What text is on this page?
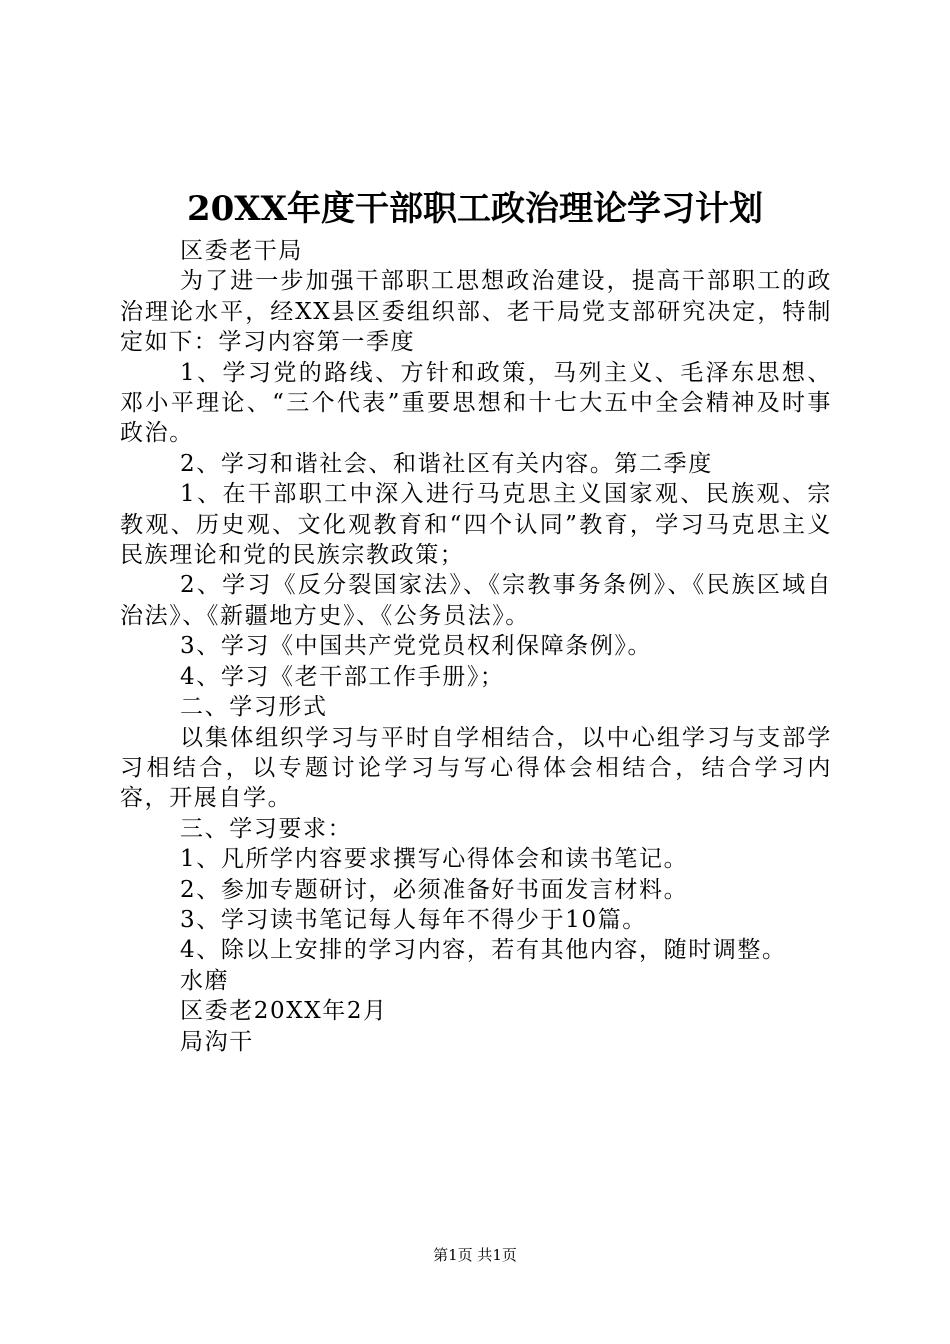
20XX年度干部职工政治理论学习计划

区委老干局

为了进一步加强干部职工思想政治建设，提高干部职工的政治理论水平，经XX县区委组织部、老干局党支部研究决定，特制定如下：学习内容第一季度

1、学习党的路线、方针和政策，马列主义、毛泽东思想、邓小平理论、“三个代表”重要思想和十七大五中全会精神及时事政治。

2、学习和谐社会、和谐社区有关内容。第二季度

1、在干部职工中深入进行马克思主义国家观、民族观、宗教观、历史观、文化观教育和“四个认同”教育，学习马克思主义民族理论和党的民族宗教政策；

2、学习《反分裂国家法》、《宗教事务条例》、《民族区域自治法》、《新疆地方史》、《公务员法》。

3、学习《中国共产党党员权利保障条例》。

4、学习《老干部工作手册》；

二、学习形式

以集体组织学习与平时自学相结合，以中心组学习与支部学习相结合，以专题讨论学习与写心得体会相结合，结合学习内容，开展自学。

三、学习要求：

1、凡所学内容要求撰写心得体会和读书笔记。

2、参加专题研讨，必须准备好书面发言材料。

3、学习读书笔记每人每年不得少于10篇。

4、除以上安排的学习内容，若有其他内容，随时调整。

水磨

区委老20XX年2月

局沟干

第1页 共1页
